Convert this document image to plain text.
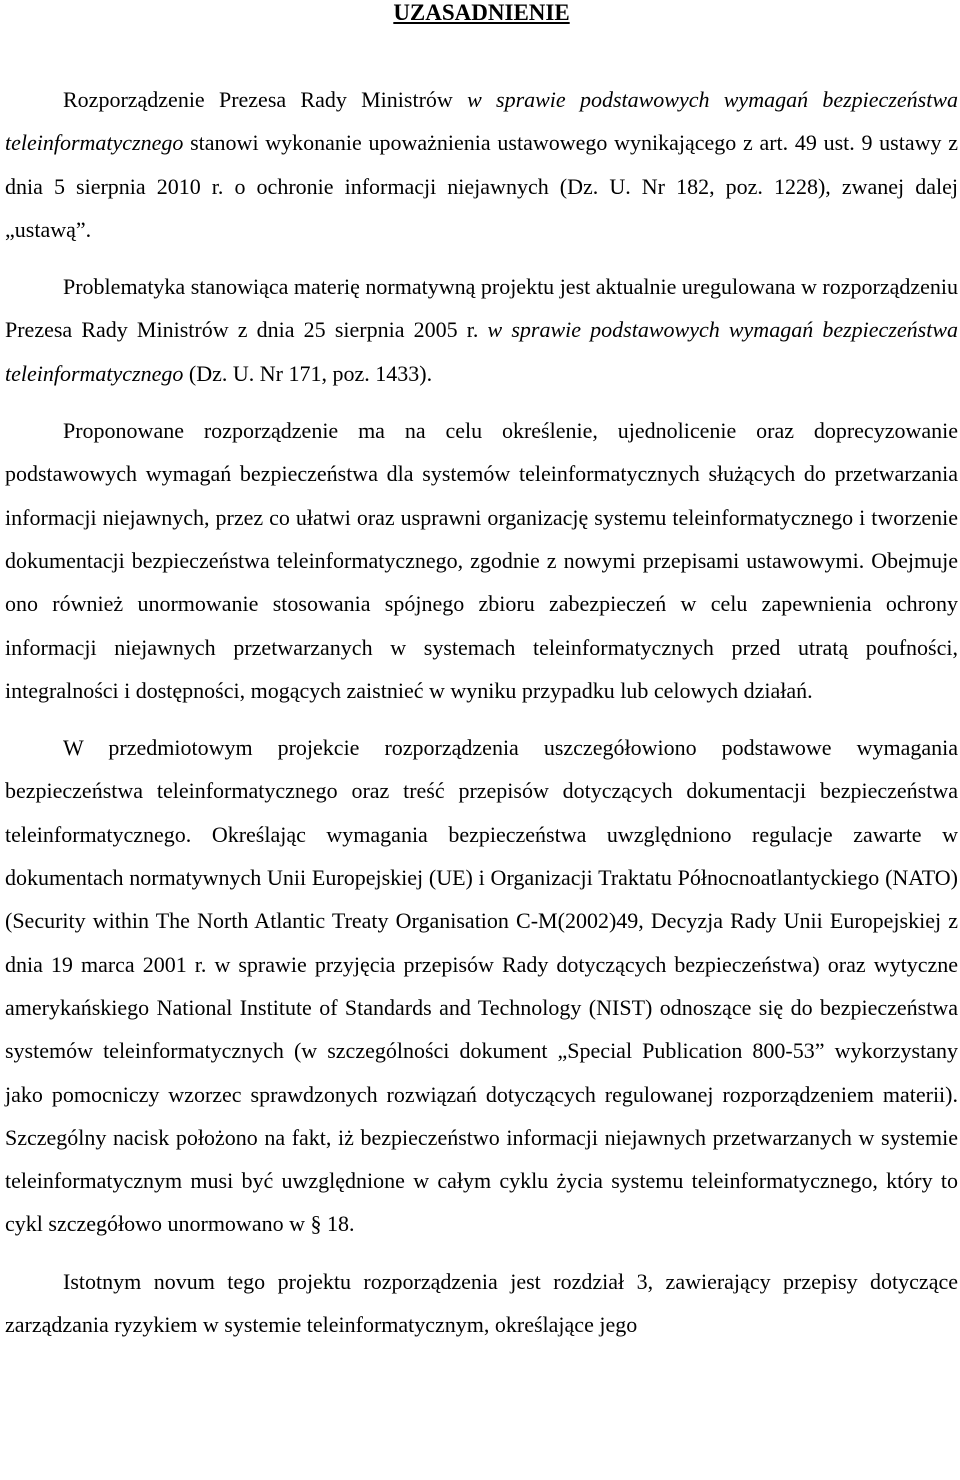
UZASADNIENIE

Rozporządzenie Prezesa Rady Ministrów w sprawie podstawowych wymagań bezpieczeństwa teleinformatycznego stanowi wykonanie upoważnienia ustawowego wynikającego z art. 49 ust. 9 ustawy z dnia 5 sierpnia 2010 r. o ochronie informacji niejawnych (Dz. U. Nr 182, poz. 1228), zwanej dalej „ustawą”.

Problematyka stanowiąca materię normatywną projektu jest aktualnie uregulowana w rozporządzeniu Prezesa Rady Ministrów z dnia 25 sierpnia 2005 r. w sprawie podstawowych wymagań bezpieczeństwa teleinformatycznego (Dz. U. Nr 171, poz. 1433).

Proponowane rozporządzenie ma na celu określenie, ujednolicenie oraz doprecyzowanie podstawowych wymagań bezpieczeństwa dla systemów teleinformatycznych służących do przetwarzania informacji niejawnych, przez co ułatwi oraz usprawni organizację systemu teleinformatycznego i tworzenie dokumentacji bezpieczeństwa teleinformatycznego, zgodnie z nowymi przepisami ustawowymi. Obejmuje ono również unormowanie stosowania spójnego zbioru zabezpieczeń w celu zapewnienia ochrony informacji niejawnych przetwarzanych w systemach teleinformatycznych przed utratą poufności, integralności i dostępności, mogących zaistnieć w wyniku przypadku lub celowych działań.

W przedmiotowym projekcie rozporządzenia uszczegółowiono podstawowe wymagania bezpieczeństwa teleinformatycznego oraz treść przepisów dotyczących dokumentacji bezpieczeństwa teleinformatycznego. Określając wymagania bezpieczeństwa uwzględniono regulacje zawarte w dokumentach normatywnych Unii Europejskiej (UE) i Organizacji Traktatu Północnoatlantyckiego (NATO) (Security within The North Atlantic Treaty Organisation C-M(2002)49, Decyzja Rady Unii Europejskiej z dnia 19 marca 2001 r. w sprawie przyjęcia przepisów Rady dotyczących bezpieczeństwa) oraz wytyczne amerykańskiego National Institute of Standards and Technology (NIST) odnoszące się do bezpieczeństwa systemów teleinformatycznych (w szczególności dokument „Special Publication 800-53” wykorzystany jako pomocniczy wzorzec sprawdzonych rozwiązań dotyczących regulowanej rozporządzeniem materii). Szczególny nacisk położono na fakt, iż bezpieczeństwo informacji niejawnych przetwarzanych w systemie teleinformatycznym musi być uwzględnione w całym cyklu życia systemu teleinformatycznego, który to cykl szczegółowo unormowano w § 18.

Istotnym novum tego projektu rozporządzenia jest rozdział 3, zawierający przepisy dotyczące zarządzania ryzykiem w systemie teleinformatycznym, określające jego
